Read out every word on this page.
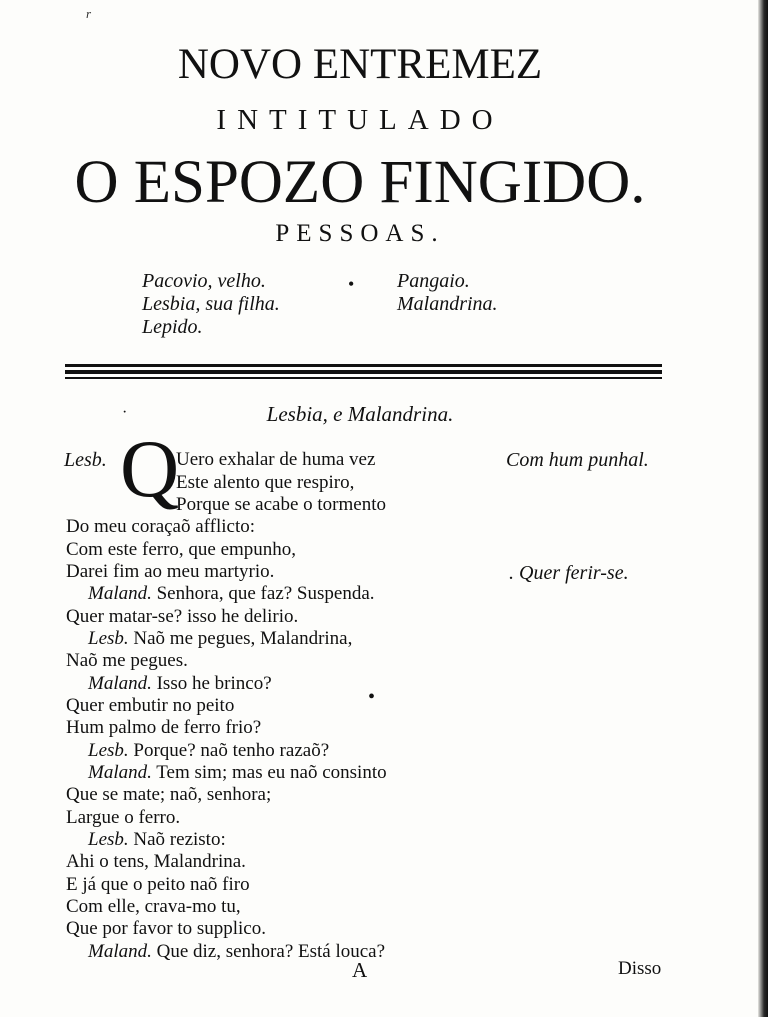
r
NOVO ENTREMEZ
INTITULADO
O ESPOZO FINGIDO.
PESSOAS.
Pacovio, velho.
Lesbia, sua filha.
Lepido.
• Pangaio.
Malandrina.
·	Lesbia, e Malandrina.
Lesb. Q	Com hum punhal.
. Quer ferir-se.
•
Uero exhalar de huma vez
Este alento que respiro,
Porque se acabe o tormento
Do meu coraçaõ afflicto:
Com este ferro, que empunho,
Darei fim ao meu martyrio.
Maland. Senhora, que faz? Suspenda.
Quer matar-se? isso he delirio.
Lesb. Naõ me pegues, Malandrina,
Naõ me pegues.
Maland. Isso he brinco?
Quer embutir no peito
Hum palmo de ferro frio?
Lesb. Porque? naõ tenho razaõ?
Maland. Tem sim; mas eu naõ consinto
Que se mate; naõ, senhora;
Largue o ferro.
Lesb. Naõ rezisto:
Ahi o tens, Malandrina.
E já que o peito naõ firo
Com elle, crava-mo tu,
Que por favor to supplico.
Maland. Que diz, senhora? Está louca?
A	Disso
